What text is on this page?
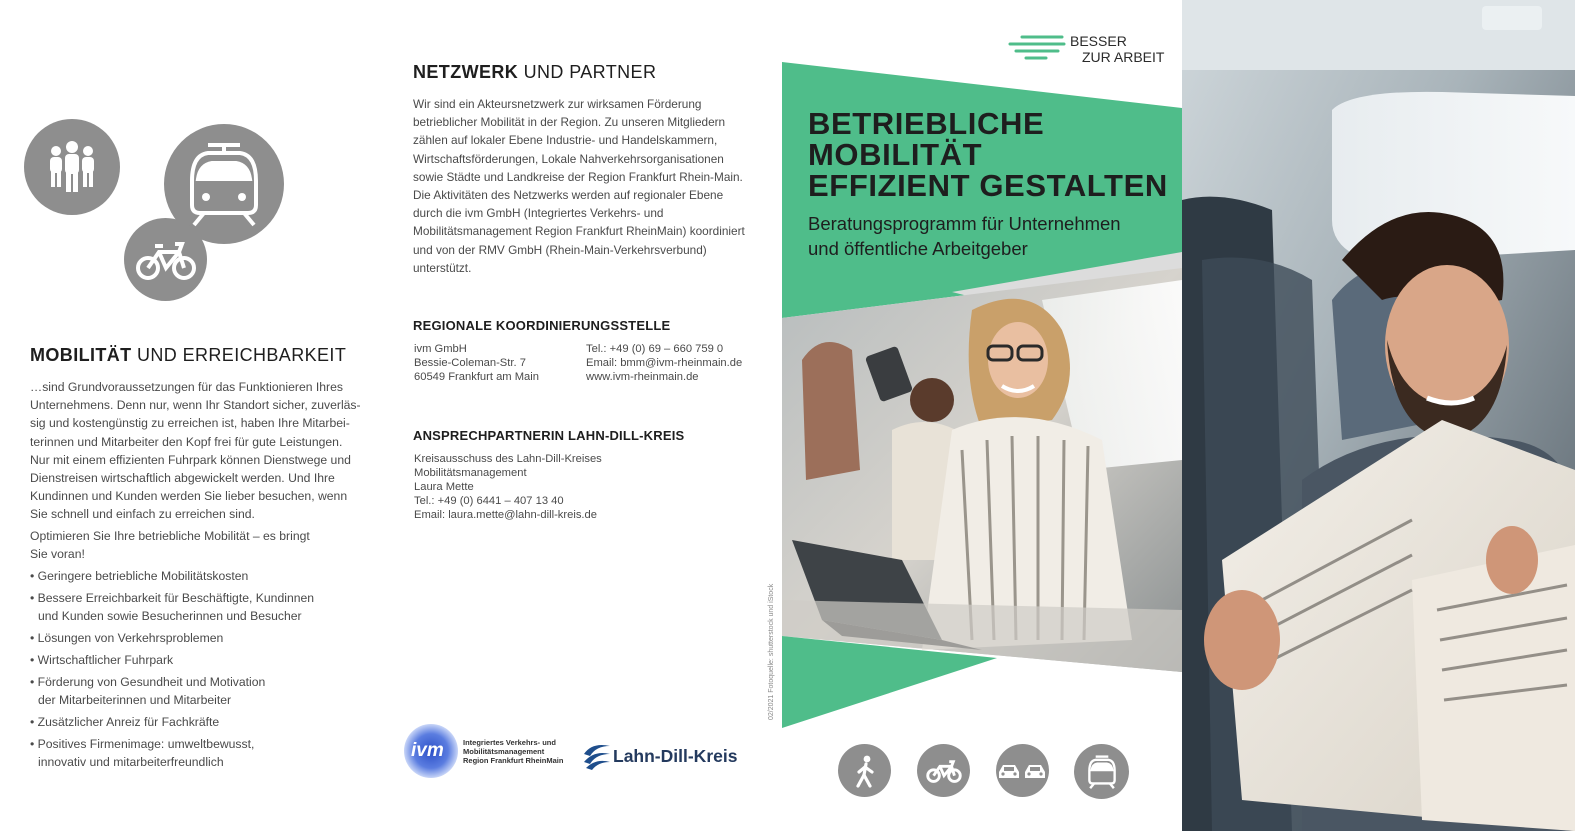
MOBILITÄT UND ERREICHBARKEIT

…sind Grundvoraussetzungen für das Funktionieren Ihres Unternehmens. Denn nur, wenn Ihr Standort sicher, zuverlässig und kostengünstig zu erreichen ist, haben Ihre Mitarbeiterinnen und Mitarbeiter den Kopf frei für gute Leistungen. Nur mit einem effizienten Fuhrpark können Dienstwege und Dienstreisen wirtschaftlich abgewickelt werden. Und Ihre Kundinnen und Kunden werden Sie lieber besuchen, wenn Sie schnell und einfach zu erreichen sind.

Optimieren Sie Ihre betriebliche Mobilität – es bringt Sie voran!

• Geringere betriebliche Mobilitätskosten
• Bessere Erreichbarkeit für Beschäftigte, Kundinnen und Kunden sowie Besucherinnen und Besucher
• Lösungen von Verkehrsproblemen
• Wirtschaftlicher Fuhrpark
• Förderung von Gesundheit und Motivation der Mitarbeiterinnen und Mitarbeiter
• Zusätzlicher Anreiz für Fachkräfte
• Positives Firmenimage: umweltbewusst, innovativ und mitarbeiterfreundlich
NETZWERK UND PARTNER

Wir sind ein Akteursnetzwerk zur wirksamen Förderung betrieblicher Mobilität in der Region. Zu unseren Mitgliedern zählen auf lokaler Ebene Industrie- und Handelskammern, Wirtschaftsförderungen, Lokale Nahverkehrsorganisationen sowie Städte und Landkreise der Region Frankfurt Rhein-Main. Die Aktivitäten des Netzwerks werden auf regionaler Ebene durch die ivm GmbH (Integriertes Verkehrs- und Mobilitätsmanagement Region Frankfurt RheinMain) koordiniert und von der RMV GmbH (Rhein-Main-Verkehrsverbund) unterstützt.

REGIONALE KOORDINIERUNGSSTELLE
ivm GmbH
Bessie-Coleman-Str. 7
60549 Frankfurt am Main
Tel.: +49 (0) 69 – 660 759 0
Email: bmm@ivm-rheinmain.de
www.ivm-rheinmain.de
ANSPRECHPARTNERIN LAHN-DILL-KREIS
Kreisausschuss des Lahn-Dill-Kreises
Mobilitätsmanagement
Laura Mette
Tel.: +49 (0) 6441 – 407 13 40
Email: laura.mette@lahn-dill-kreis.de
ivm	Integriertes Verkehrs- und
Mobilitätsmanagement
Region Frankfurt RheinMain	Lahn-Dill-Kreis
BESSER
ZUR ARBEIT
BETRIEBLICHE
MOBILITÄT
EFFIZIENT GESTALTEN
Beratungsprogramm für Unternehmen
und öffentliche Arbeitgeber
02/2021 Fotoquelle: shutterstock und iStock
